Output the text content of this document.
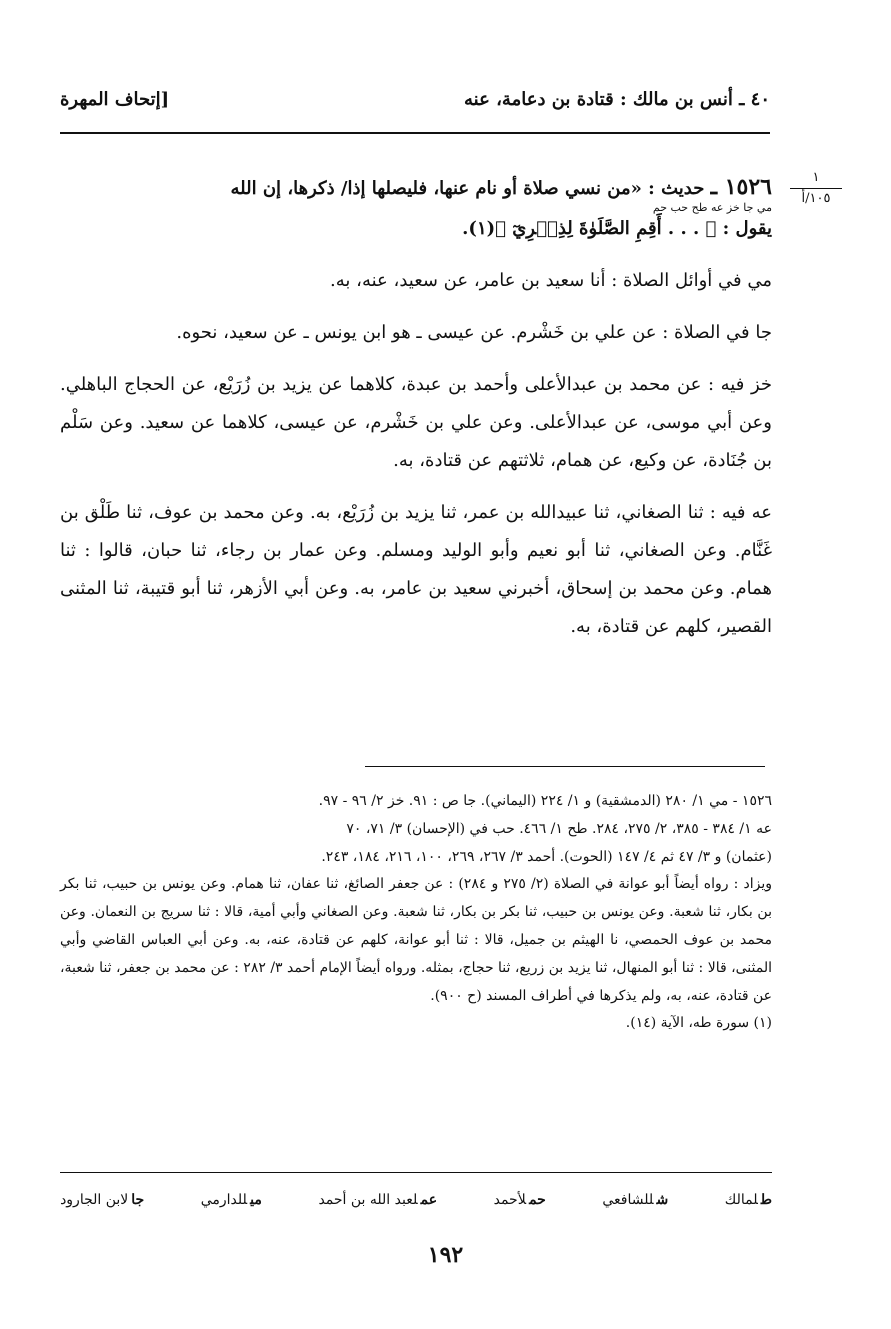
٤٠ ـ أنس بن مالك : قتادة بن دعامة، عنه
[إتحاف المهرة
١
١٠٥/أ

١٥٢٦ ـ حديث : «من نسي صلاة أو نام عنها، فليصلها إذا/ ذكرها، إن الله
مي جا خز عه طح حب حم
يقول : ﴿ . . . أَقِمِ الصَّلَوٰةَ لِذِكۡرِيٓ ﴾(١).

مي في أوائل الصلاة : أنا سعيد بن عامر، عن سعيد، عنه، به.

جا في الصلاة : عن علي بن خَشْرم. عن عيسى ـ هو ابن يونس ـ عن سعيد، نحوه.

خز فيه : عن محمد بن عبدالأعلى وأحمد بن عبدة، كلاهما عن يزيد بن زُرَيْع، عن الحجاج الباهلي. وعن أبي موسى، عن عبدالأعلى. وعن علي بن خَشْرم، عن عيسى، كلاهما عن سعيد. وعن سَلْم بن جُنَادة، عن وكيع، عن همام، ثلاثتهم عن قتادة، به.

عه فيه : ثنا الصغاني، ثنا عبيدالله بن عمر، ثنا يزيد بن زُرَيْع، به. وعن محمد بن عوف، ثنا طَلْق بن غَنَّام. وعن الصغاني، ثنا أبو نعيم وأبو الوليد ومسلم. وعن عمار بن رجاء، ثنا حبان، قالوا : ثنا همام. وعن محمد بن إسحاق، أخبرني سعيد بن عامر، به. وعن أبي الأزهر، ثنا أبو قتيبة، ثنا المثنى القصير، كلهم عن قتادة، به.

١٥٢٦ - مي ١/ ٢٨٠ (الدمشقية) و ١/ ٢٢٤ (اليماني). جا ص : ٩١. خز ٢/ ٩٦ - ٩٧.

عه ١/ ٣٨٤ - ٣٨٥، ٢/ ٢٧٥، ٢٨٤. طح ١/ ٤٦٦. حب في (الإحسان) ٣/ ٧١، ٧٠

(عثمان) و ٣/ ٤٧ ثم ٤/ ١٤٧ (الحوت). أحمد ٣/ ٢٦٧، ٢٦٩، ١٠٠، ٢١٦، ١٨٤، ٢٤٣.

ويزاد : رواه أيضاً أبو عوانة في الصلاة (٢/ ٢٧٥ و ٢٨٤) : عن جعفر الصائغ، ثنا عفان، ثنا همام. وعن يونس بن حبيب، ثنا بكر بن بكار، ثنا شعبة. وعن يونس بن حبيب، ثنا بكر بن بكار، ثنا شعبة. وعن الصغاني وأبي أمية، قالا : ثنا سريج بن النعمان. وعن محمد بن عوف الحمصي، نا الهيثم بن جميل، قالا : ثنا أبو عوانة، كلهم عن قتادة، عنه، به. وعن أبي العباس القاضي وأبي المثنى، قالا : ثنا أبو المنهال، ثنا يزيد بن زريع، ثنا حجاج، بمثله. ورواه أيضاً الإمام أحمد ٣/ ٢٨٢ : عن محمد بن جعفر، ثنا شعبة، عن قتادة، عنه، به، ولم يذكرها في أطراف المسند (ح ٩٠٠).

(١) سورة طه، الآية (١٤).

طلمالك
شللشافعي
حملأحمد
عملعبد الله بن أحمد
ميللدارمي
جالابن الجارود
١٩٢
